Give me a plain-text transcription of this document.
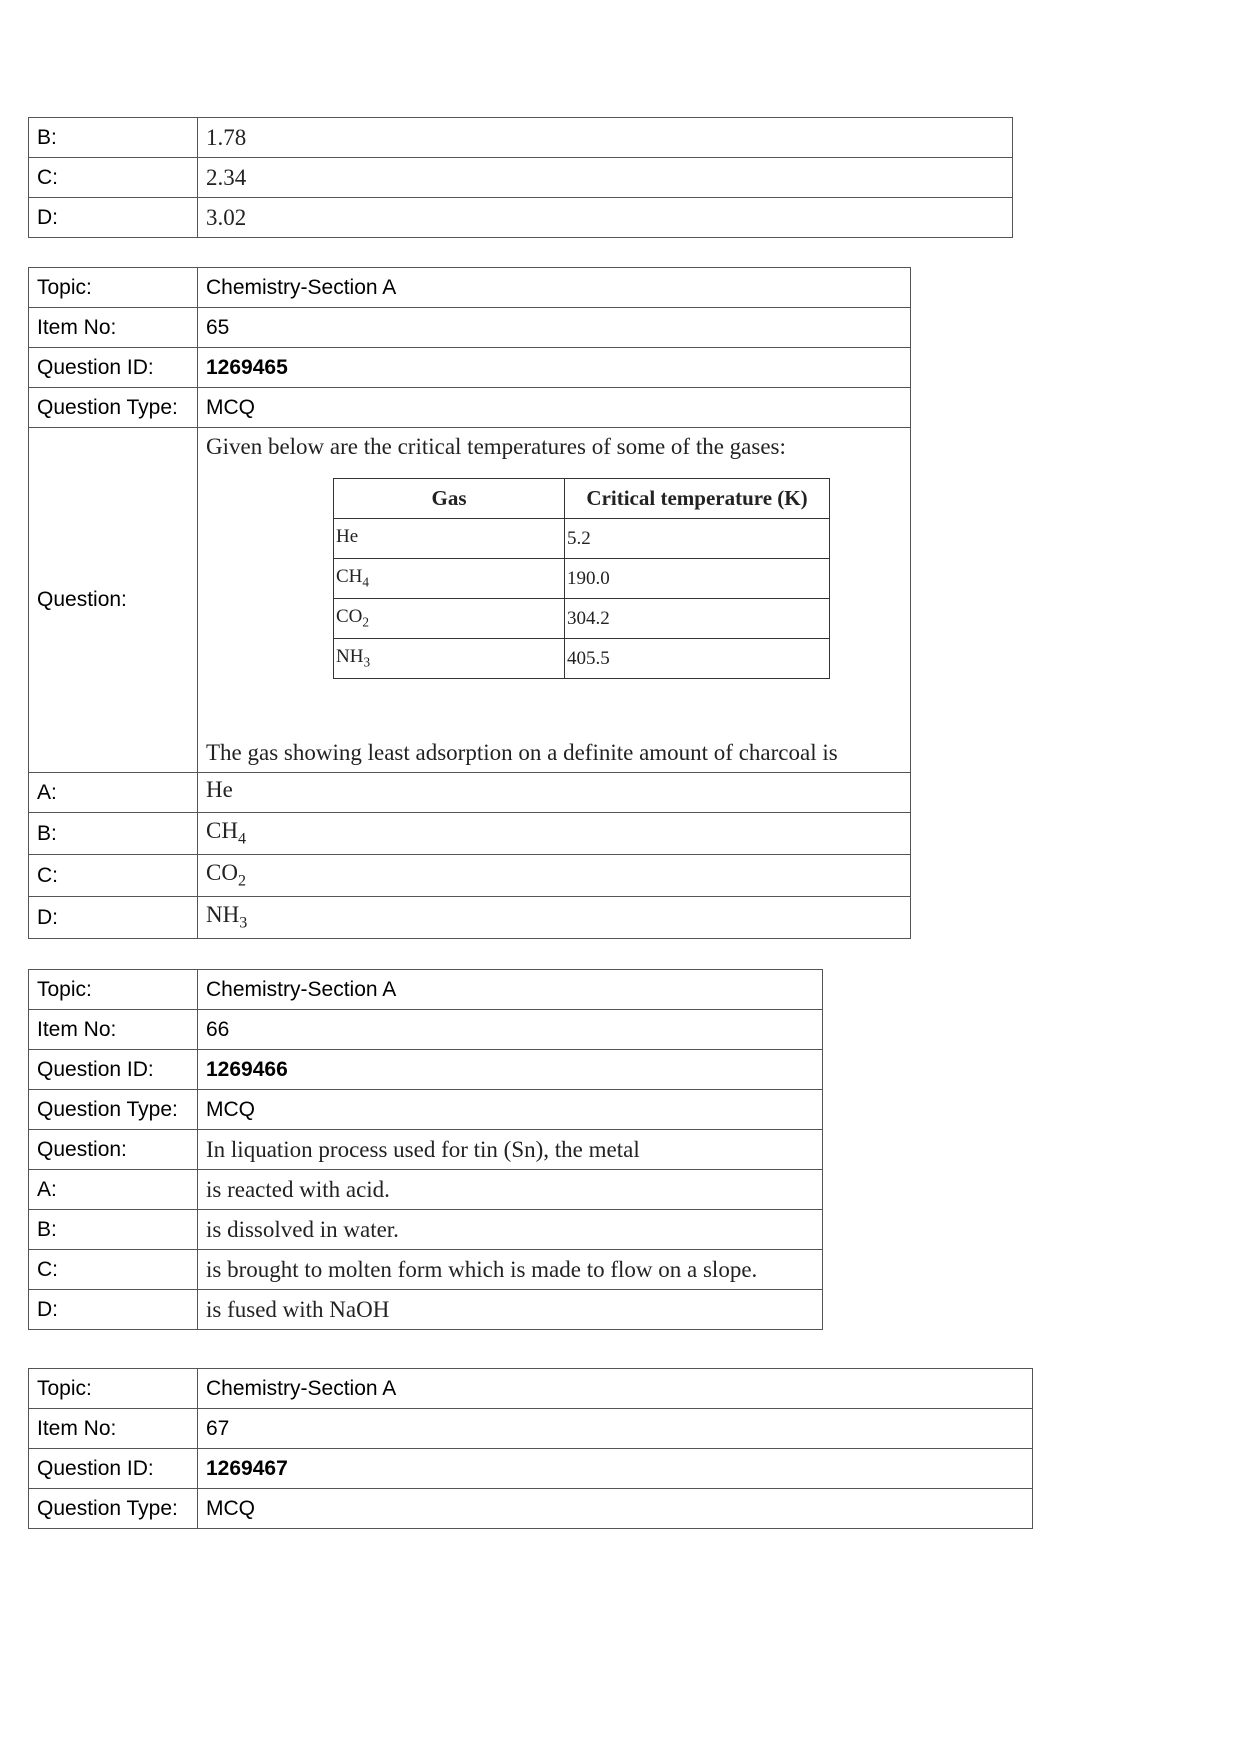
B:	1.78
C:	2.34
D:	3.02
Topic:	Chemistry-Section A
Item No:	65
Question ID:	1269465
Question Type:	MCQ
Question:	
Given below are the critical temperatures of some of the gases:
Gas	Critical temperature (K)
He	5.2
$CH_4$	190.0
$CO_2$	304.2
$NH_3$	405.5
The gas showing least adsorption on a definite amount of charcoal is

A:	He
B:	$CH_4$
C:	$CO_2$
D:	$NH_3$
Topic:	Chemistry-Section A
Item No:	66
Question ID:	1269466
Question Type:	MCQ
Question:	In liquation process used for tin (Sn), the metal
A:	is reacted with acid.
B:	is dissolved in water.
C:	is brought to molten form which is made to flow on a slope.
D:	is fused with NaOH
Topic:	Chemistry-Section A
Item No:	67
Question ID:	1269467
Question Type:	MCQ
